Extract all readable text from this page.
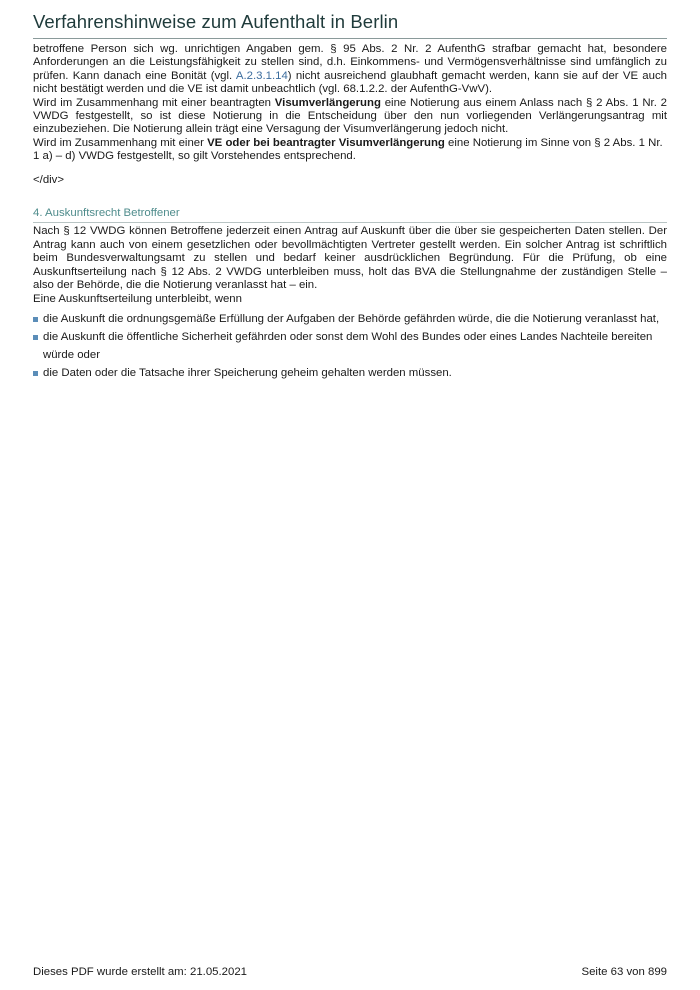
Verfahrenshinweise zum Aufenthalt in Berlin

betroffene Person sich wg. unrichtigen Angaben gem. § 95 Abs. 2 Nr. 2 AufenthG strafbar gemacht hat, besondere Anforderungen an die Leistungsfähigkeit zu stellen sind, d.h. Einkommens- und Vermögensverhältnisse sind umfänglich zu prüfen. Kann danach eine Bonität (vgl. A.2.3.1.14) nicht ausreichend glaubhaft gemacht werden, kann sie auf der VE auch nicht bestätigt werden und die VE ist damit unbeachtlich (vgl. 68.1.2.2. der AufenthG-VwV).

Wird im Zusammenhang mit einer beantragten Visumverlängerung eine Notierung aus einem Anlass nach § 2 Abs. 1 Nr. 2 VWDG festgestellt, so ist diese Notierung in die Entscheidung über den nun vorliegenden Verlängerungsantrag mit einzubeziehen. Die Notierung allein trägt eine Versagung der Visumverlängerung jedoch nicht.

Wird im Zusammenhang mit einer VE oder bei beantragter Visumverlängerung eine Notierung im Sinne von § 2 Abs. 1 Nr. 1 a) – d) VWDG festgestellt, so gilt Vorstehendes entsprechend.

</div>
4. Auskunftsrecht Betroffener

Nach § 12 VWDG können Betroffene jederzeit einen Antrag auf Auskunft über die über sie gespeicherten Daten stellen. Der Antrag kann auch von einem gesetzlichen oder bevollmächtigten Vertreter gestellt werden. Ein solcher Antrag ist schriftlich beim Bundesverwaltungsamt zu stellen und bedarf keiner ausdrücklichen Begründung. Für die Prüfung, ob eine Auskunftserteilung nach § 12 Abs. 2 VWDG unterbleiben muss, holt das BVA die Stellungnahme der zuständigen Stelle – also der Behörde, die die Notierung veranlasst hat – ein.

Eine Auskunftserteilung unterbleibt, wenn

die Auskunft die ordnungsgemäße Erfüllung der Aufgaben der Behörde gefährden würde, die die Notierung veranlasst hat,
die Auskunft die öffentliche Sicherheit gefährden oder sonst dem Wohl des Bundes oder eines Landes Nachteile bereiten würde oder
die Daten oder die Tatsache ihrer Speicherung geheim gehalten werden müssen.
Dieses PDF wurde erstellt am: 21.05.2021	Seite 63 von 899
